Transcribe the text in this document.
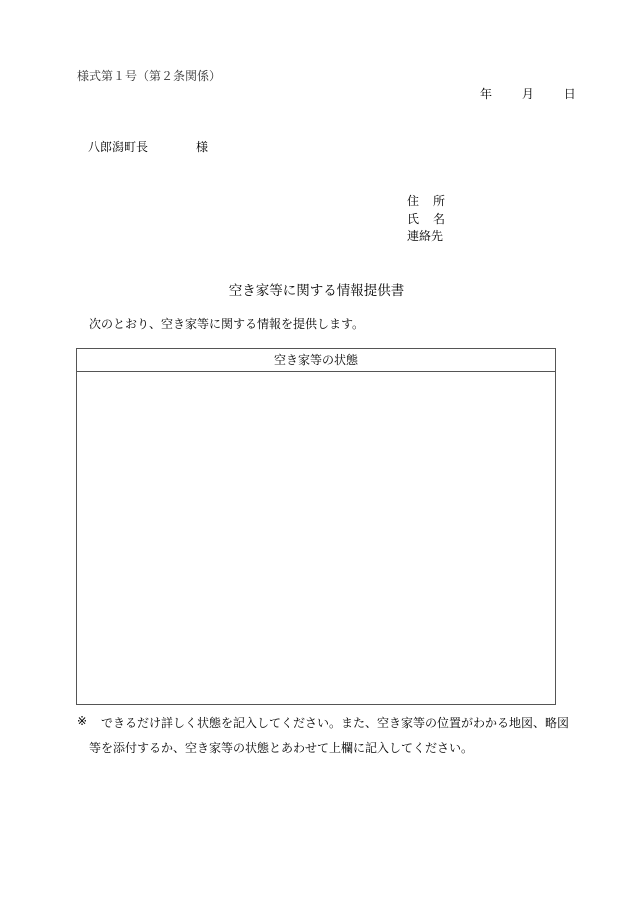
様式第１号（第２条関係）
年 月 日
八郎潟町長	様
住 所
氏 名
連絡先
空き家等に関する情報提供書
次のとおり、空き家等に関する情報を提供します。
空き家等の状態
※ できるだけ詳しく状態を記入してください。また、空き家等の位置がわかる地図、略図
等を添付するか、空き家等の状態とあわせて上欄に記入してください。
